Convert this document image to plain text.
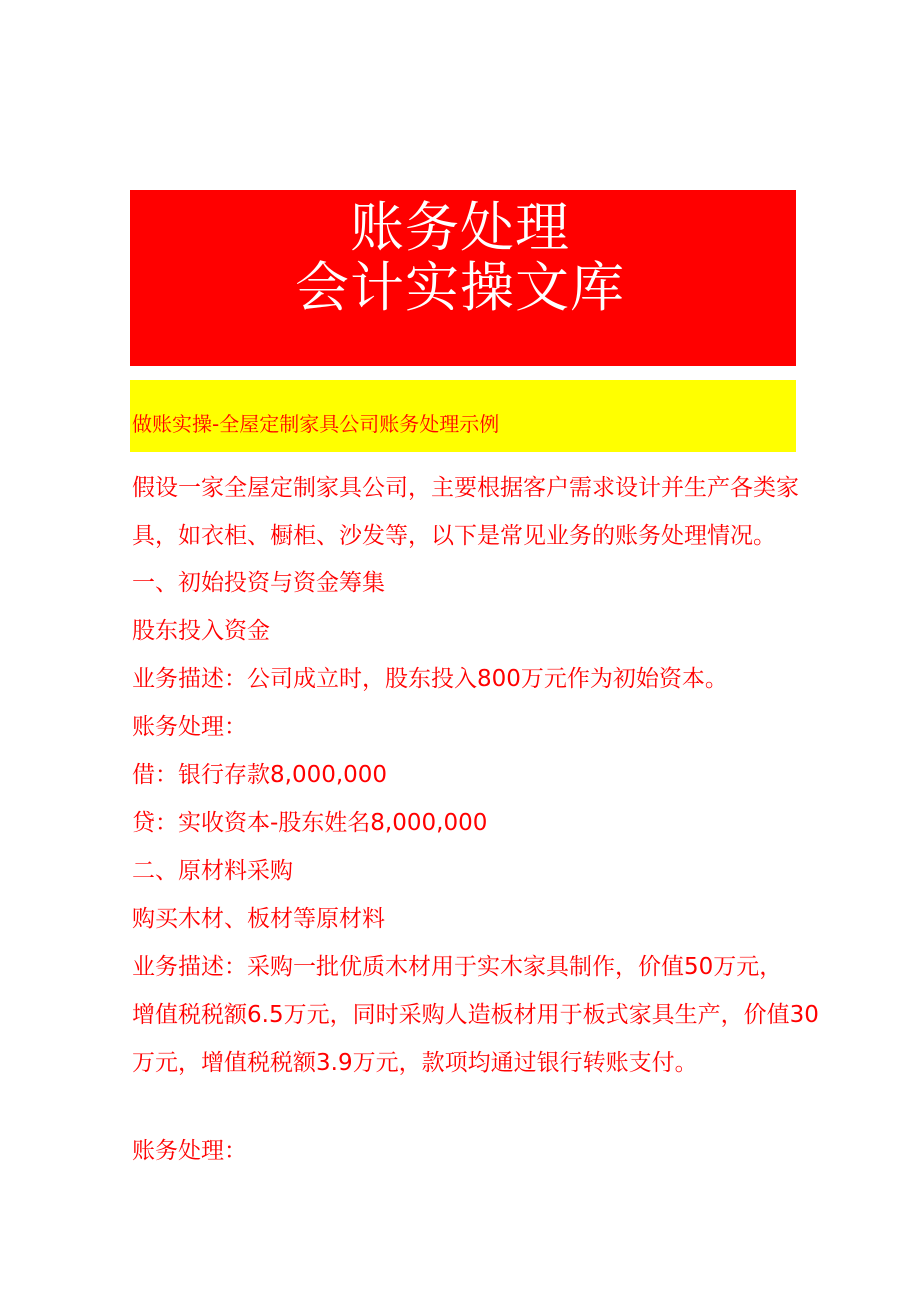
账务处理
会计实操文库
做账实操-全屋定制家具公司账务处理示例
假设一家全屋定制家具公司，主要根据客户需求设计并生产各类家
具，如衣柜、橱柜、沙发等，以下是常见业务的账务处理情况。
一、初始投资与资金筹集
股东投入资金
业务描述：公司成立时，股东投入800万元作为初始资本。
账务处理：
借：银行存款8,000,000
贷：实收资本-股东姓名8,000,000
二、原材料采购
购买木材、板材等原材料
业务描述：采购一批优质木材用于实木家具制作，价值50万元，
增值税税额6.5万元，同时采购人造板材用于板式家具生产，价值30
万元，增值税税额3.9万元，款项均通过银行转账支付。
账务处理：
